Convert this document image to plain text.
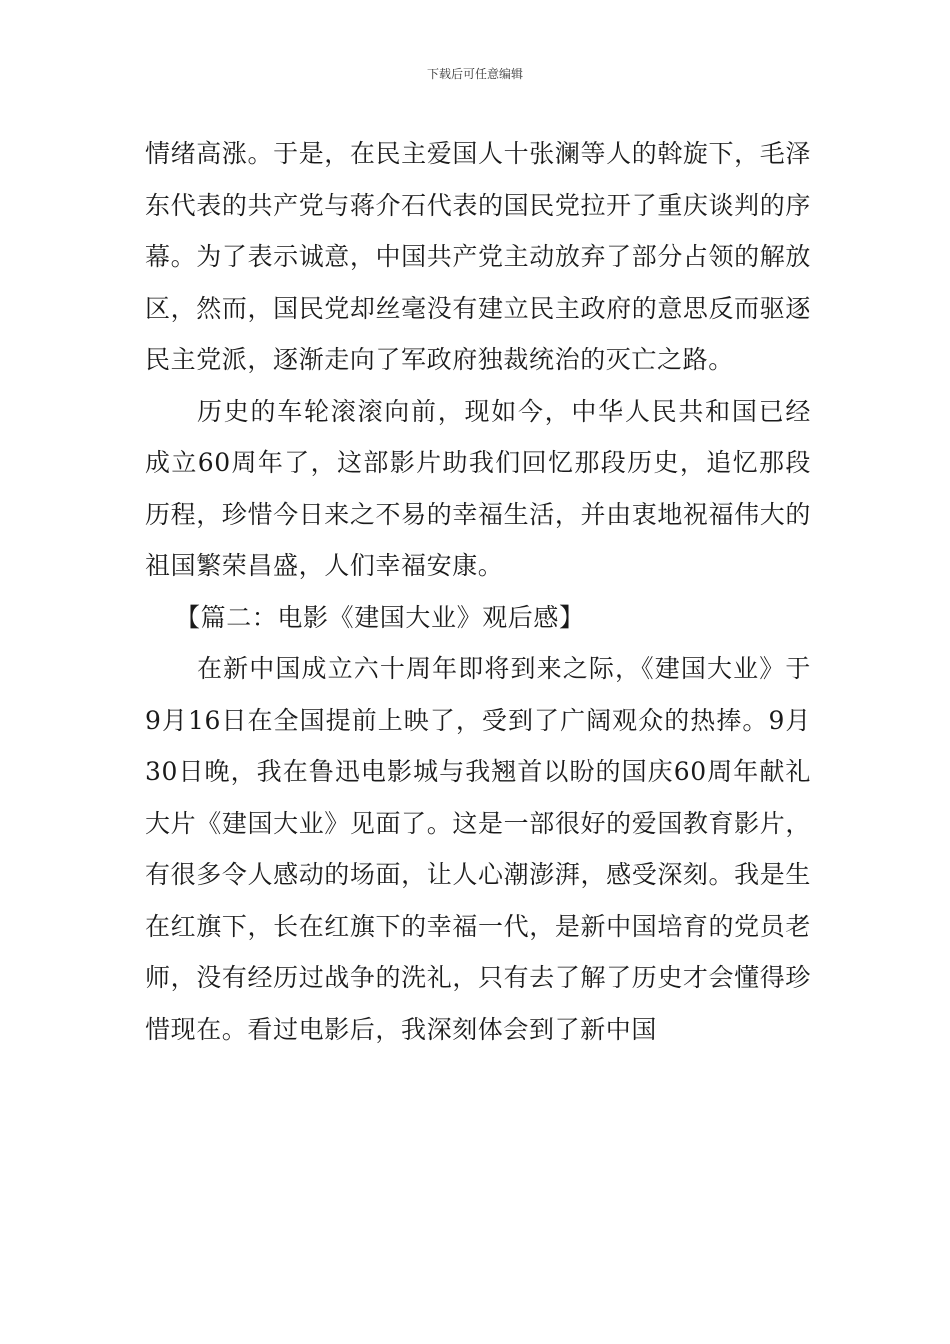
下载后可任意编辑

情绪高涨。于是，在民主爱国人十张澜等人的斡旋下，毛泽东代表的共产党与蒋介石代表的国民党拉开了重庆谈判的序幕。为了表示诚意，中国共产党主动放弃了部分占领的解放区，然而，国民党却丝毫没有建立民主政府的意思反而驱逐民主党派，逐渐走向了军政府独裁统治的灭亡之路。

历史的车轮滚滚向前，现如今，中华人民共和国已经成立60周年了，这部影片助我们回忆那段历史，追忆那段历程，珍惜今日来之不易的幸福生活，并由衷地祝福伟大的祖国繁荣昌盛，人们幸福安康。

【篇二：电影《建国大业》观后感】

在新中国成立六十周年即将到来之际，《建国大业》于9月16日在全国提前上映了，受到了广阔观众的热捧。9月30日晚，我在鲁迅电影城与我翘首以盼的国庆60周年献礼大片《建国大业》见面了。这是一部很好的爱国教育影片，有很多令人感动的场面，让人心潮澎湃，感受深刻。我是生在红旗下，长在红旗下的幸福一代，是新中国培育的党员老师，没有经历过战争的洗礼，只有去了解了历史才会懂得珍惜现在。看过电影后，我深刻体会到了新中国
